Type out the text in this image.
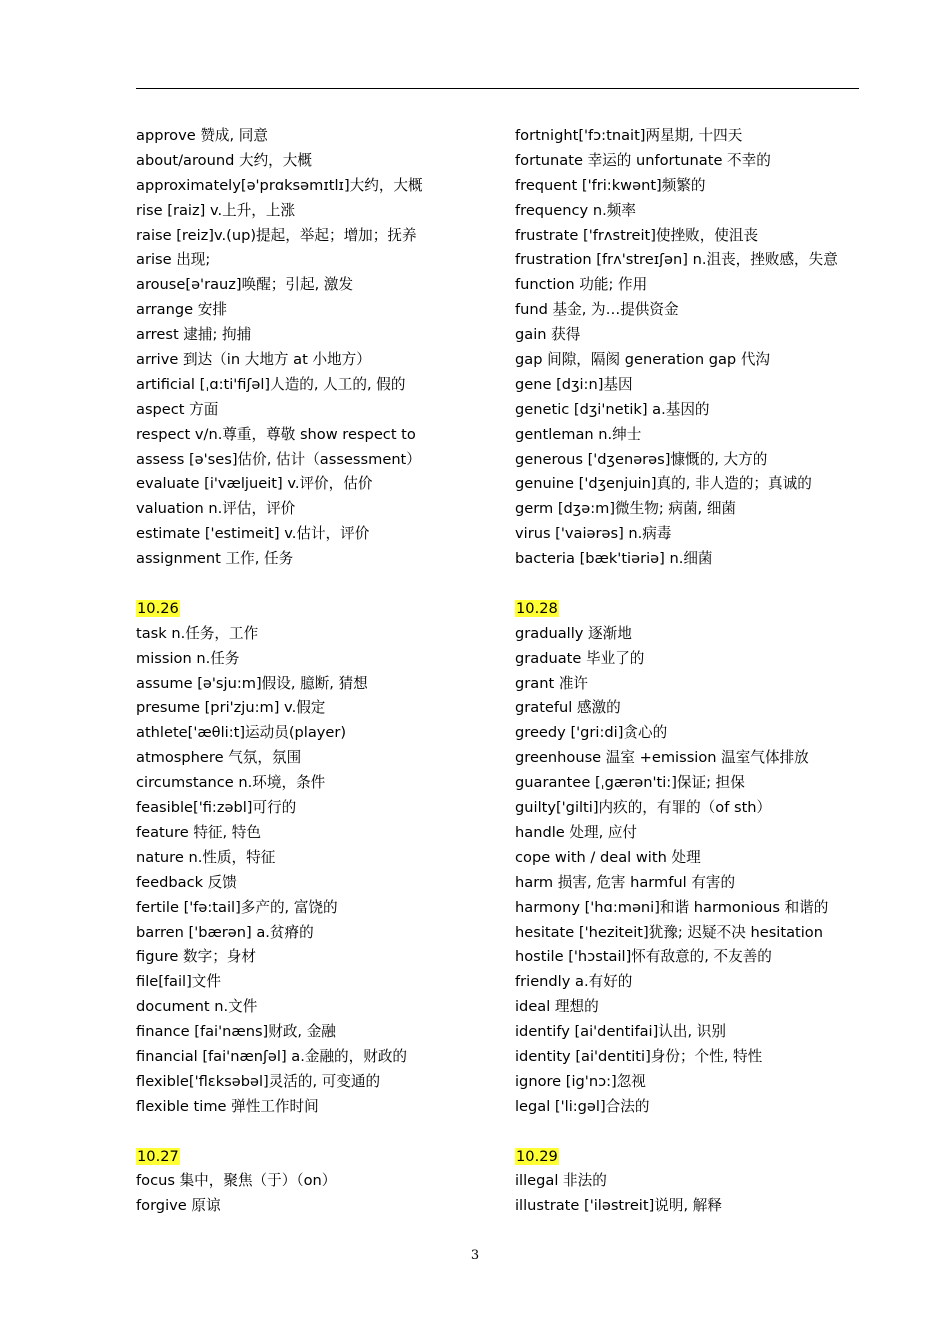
approve 赞成, 同意
about/around 大约，大概
approximately[ə'prɑksəmɪtlɪ]大约，大概
rise [raiz] v.上升，上涨
raise [reiz]v.(up)提起，举起；增加；抚养
arise 出现;
arouse[ə'rauz]唤醒；引起, 激发
arrange 安排
arrest 逮捕; 拘捕
arrive 到达（in 大地方 at 小地方）
artificial [ˌɑ:ti'fiʃəl]人造的, 人工的, 假的
aspect 方面
respect v/n.尊重，尊敬 show respect to
assess [ə'ses]估价, 估计（assessment）
evaluate [i'væljueit] v.评价，估价
valuation n.评估，评价
estimate ['estimeit] v.估计，评价
assignment 工作, 任务
10.26
task n.任务，工作
mission n.任务
assume [ə'sju:m]假设, 臆断, 猜想
presume [pri'zju:m] v.假定
athlete['æθli:t]运动员(player)
atmosphere 气氛，氛围
circumstance n.环境，条件
feasible['fi:zəbl]可行的
feature 特征, 特色
nature n.性质，特征
feedback 反馈
fertile ['fə:tail]多产的, 富饶的
barren ['bærən] a.贫瘠的
figure 数字；身材
file[fail]文件
document n.文件
finance [fai'næns]财政, 金融
financial [fai'nænʃəl] a.金融的，财政的
flexible['flɛksəbəl]灵活的, 可变通的
flexible time 弹性工作时间
10.27
focus 集中，聚焦（于）（on）
forgive 原谅
fortnight['fɔ:tnait]两星期, 十四天
fortunate 幸运的 unfortunate 不幸的
frequent ['fri:kwənt]频繁的
frequency n.频率
frustrate ['frʌstreit]使挫败，使沮丧
frustration [frʌ'streɪʃən] n.沮丧，挫败感，失意
function 功能; 作用
fund 基金, 为…提供资金
gain 获得
gap 间隙，隔阂 generation gap 代沟
gene [dʒi:n]基因
genetic [dʒi'netik] a.基因的
gentleman n.绅士
generous ['dʒenərəs]慷慨的, 大方的
genuine ['dʒenjuin]真的, 非人造的；真诚的
germ [dʒə:m]微生物; 病菌, 细菌
virus ['vaiərəs] n.病毒
bacteria [bæk'tiəriə] n.细菌
10.28
gradually 逐渐地
graduate 毕业了的
grant 准许
grateful 感激的
greedy ['gri:di]贪心的
greenhouse 温室 +emission 温室气体排放
guarantee [ˌgærən'ti:]保证; 担保
guilty['gilti]内疚的，有罪的（of sth）
handle 处理, 应付
cope with / deal with 处理
harm 损害, 危害 harmful 有害的
harmony ['hɑ:məni]和谐 harmonious 和谐的
hesitate ['heziteit]犹豫; 迟疑不决 hesitation
hostile ['hɔstail]怀有敌意的, 不友善的
friendly a.有好的
ideal 理想的
identify [ai'dentifai]认出, 识别
identity [ai'dentiti]身份；个性, 特性
ignore [ig'nɔ:]忽视
legal ['li:gəl]合法的
10.29
illegal 非法的
illustrate ['iləstreit]说明, 解释
3
